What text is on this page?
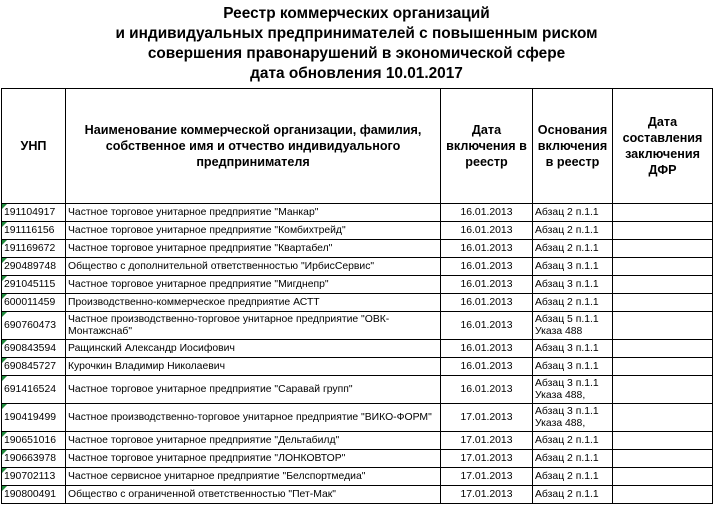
Реестр коммерческих организаций
и индивидуальных предпринимателей с повышенным риском
совершения правонарушений в экономической сфере
дата обновления 10.01.2017
УНП	Наименование коммерческой организации, фамилия, собственное имя и отчество индивидуального предпринимателя	Дата включения в реестр	Основания включения в реестр	Дата составления заключения ДФР
191104917	Частное торговое унитарное предприятие "Манкар"	16.01.2013	Абзац 2 п.1.1	
191116156	Частное торговое унитарное предприятие "Комбихтрейд"	16.01.2013	Абзац 2 п.1.1	
191169672	Частное торговое унитарное предприятие "Квартабел"	16.01.2013	Абзац 2 п.1.1	
290489748	Общество с дополнительной ответственностью "ИрбисСервис"	16.01.2013	Абзац 3 п.1.1	
291045115	Частное торговое унитарное предприятие "Мигднепр"	16.01.2013	Абзац 3 п.1.1	
600011459	Производственно-коммерческое предприятие АСТТ	16.01.2013	Абзац 2 п.1.1	
690760473	Частное производственно-торговое унитарное предприятие "ОВК-Монтажснаб"	16.01.2013	Абзац 5 п.1.1 Указа 488	
690843594	Ращинский Александр Иосифович	16.01.2013	Абзац 3 п.1.1	
690845727	Курочкин Владимир Николаевич	16.01.2013	Абзац 3 п.1.1	
691416524	Частное торговое унитарное предприятие "Саравай групп"	16.01.2013	Абзац 3 п.1.1 Указа 488,	
190419499	Частное производственно-торговое унитарное предприятие "ВИКО-ФОРМ"	17.01.2013	Абзац 3 п.1.1 Указа 488,	
190651016	Частное торговое унитарное предприятие "Дельтабилд"	17.01.2013	Абзац 2 п.1.1	
190663978	Частное торговое унитарное предприятие "ЛОНКОВТОР"	17.01.2013	Абзац 2 п.1.1	
190702113	Частное сервисное унитарное предприятие "Белспортмедиа"	17.01.2013	Абзац 2 п.1.1	
190800491	Общество с ограниченной ответственностью "Пет-Мак"	17.01.2013	Абзац 2 п.1.1	
